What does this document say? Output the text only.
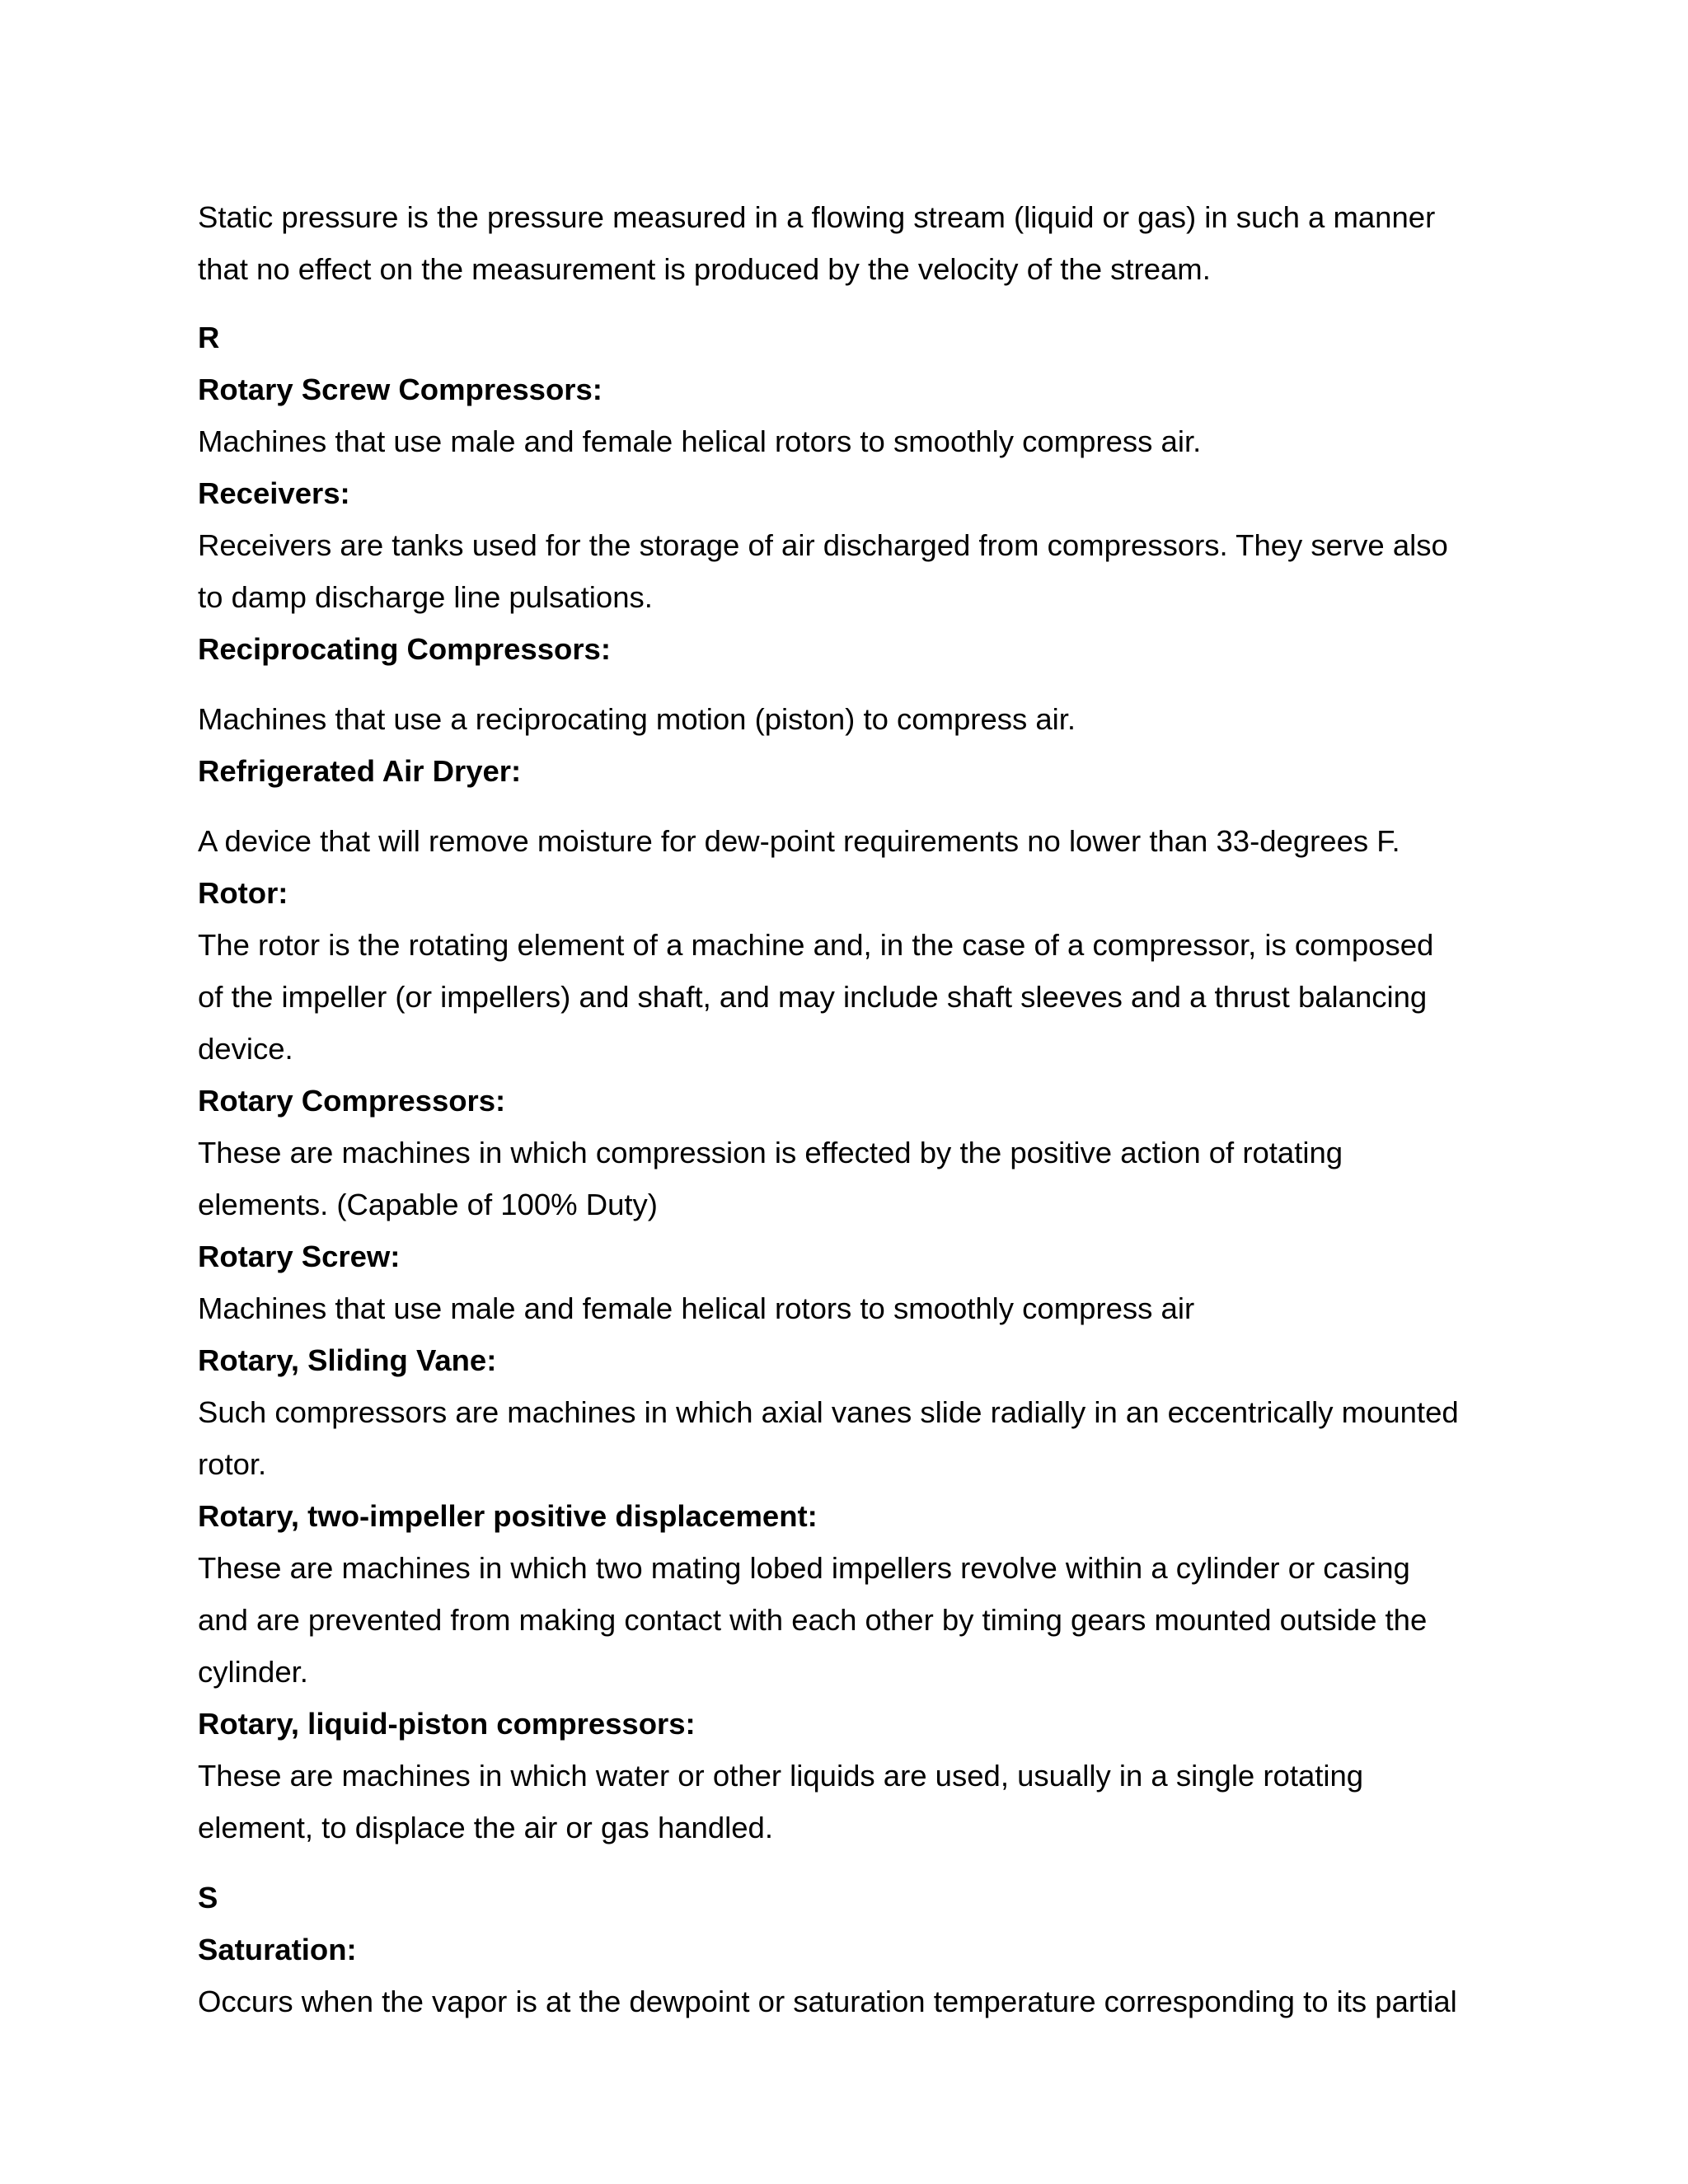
Static pressure is the pressure measured in a flowing stream (liquid or gas) in such a manner

that no effect on the measurement is produced by the velocity of the stream.

R

Rotary Screw Compressors:

Machines that use male and female helical rotors to smoothly compress air.

Receivers:

Receivers are tanks used for the storage of air discharged from compressors. They serve also

to damp discharge line pulsations.

Reciprocating Compressors:

Machines that use a reciprocating motion (piston) to compress air.

Refrigerated Air Dryer:

A device that will remove moisture for dew-point requirements no lower than 33-degrees F.

Rotor:

The rotor is the rotating element of a machine and, in the case of a compressor, is composed

of the impeller (or impellers) and shaft, and may include shaft sleeves and a thrust balancing

device.

Rotary Compressors:

These are machines in which compression is effected by the positive action of rotating

elements. (Capable of 100% Duty)

Rotary Screw:

Machines that use male and female helical rotors to smoothly compress air

Rotary, Sliding Vane:

Such compressors are machines in which axial vanes slide radially in an eccentrically mounted

rotor.

Rotary, two-impeller positive displacement:

These are machines in which two mating lobed impellers revolve within a cylinder or casing

and are prevented from making contact with each other by timing gears mounted outside the

cylinder.

Rotary, liquid-piston compressors:

These are machines in which water or other liquids are used, usually in a single rotating

element, to displace the air or gas handled.

S

Saturation:

Occurs when the vapor is at the dewpoint or saturation temperature corresponding to its partial
